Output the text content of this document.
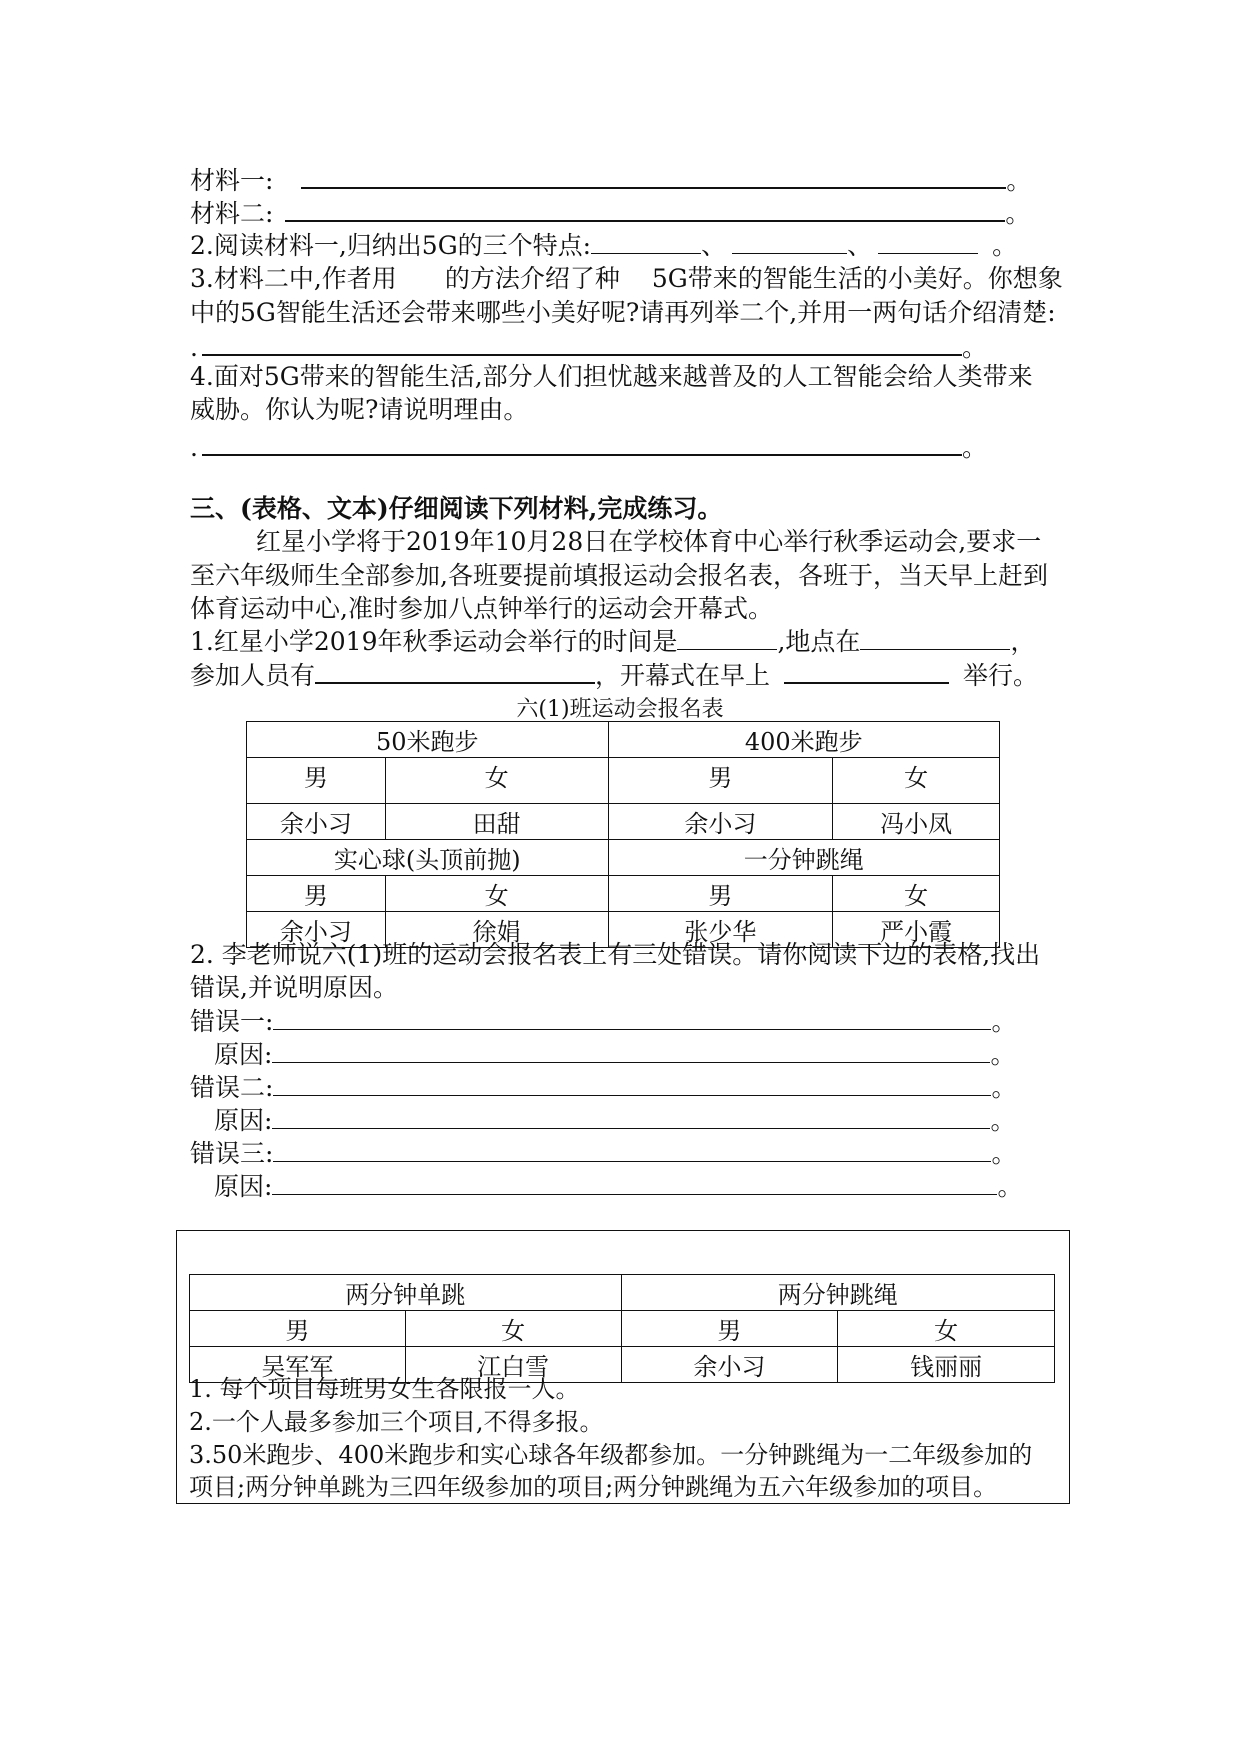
材料一:	。
材料二:	。
2.阅读材料一,归纳出5G的三个特点:	、	、	。
3.材料二中,作者用 的方法介绍了种 5G带来的智能生活的小美好。你想象
中的5G智能生活还会带来哪些小美好呢?请再列举二个,并用一两句话介绍清楚:
.	。
4.面对5G带来的智能生活,部分人们担忧越来越普及的人工智能会给人类带来
威胁。你认为呢?请说明理由。
.	。
三、(表格、文本)仔细阅读下列材料,完成练习。
红星小学将于2019年10月28日在学校体育中心举行秋季运动会,要求一
至六年级师生全部参加,各班要提前填报运动会报名表，各班于，当天早上赶到
体育运动中心,准时参加八点钟举行的运动会开幕式。
1.红星小学2019年秋季运动会举行的时间是	,地点在	，
参加人员有	，开幕式在早上	举行。
六(1)班运动会报名表
50米跑步		400米跑步	
男	女	男	女
余小习	田甜	余小习	冯小凤
实心球(头顶前抛)		一分钟跳绳	
男	女	男	女
余小习	徐娟	张少华	严小霞
2. 李老师说六(1)班的运动会报名表上有三处错误。请你阅读下边的表格,找出
错误,并说明原因。
错误一:	。
原因:	。
错误二:	。
原因:	。
错误三:	。
原因:	。
两分钟单跳		两分钟跳绳	
男	女	男	女
吴军军	江白雪	余小习	钱丽丽
1. 每个项目每班男女生各限报一人。
2.一个人最多参加三个项目,不得多报。
3.50米跑步、400米跑步和实心球各年级都参加。一分钟跳绳为一二年级参加的
项目;两分钟单跳为三四年级参加的项目;两分钟跳绳为五六年级参加的项目。
